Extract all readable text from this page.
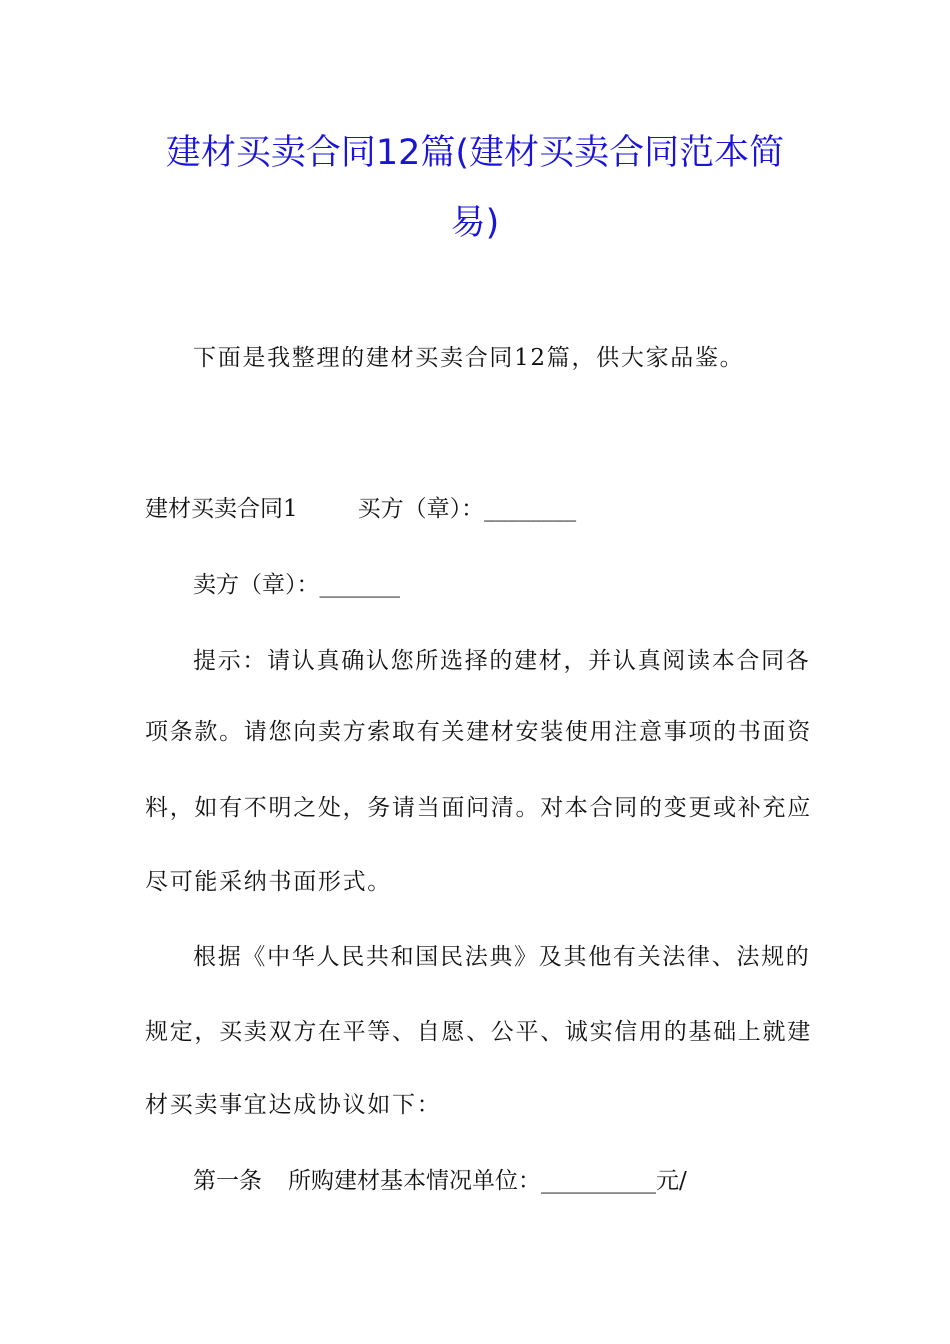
建材买卖合同12篇(建材买卖合同范本简
易)
下面是我整理的建材买卖合同12篇，供大家品鉴。
建材买卖合同1	买方（章）：________
卖方（章）：_______
提示：请认真确认您所选择的建材，并认真阅读本合同各
项条款。请您向卖方索取有关建材安装使用注意事项的书面资
料，如有不明之处，务请当面问清。对本合同的变更或补充应
尽可能采纳书面形式。
根据《中华人民共和国民法典》及其他有关法律、法规的
规定，买卖双方在平等、自愿、公平、诚实信用的基础上就建
材买卖事宜达成协议如下：
第一条 所购建材基本情况单位：__________元/
